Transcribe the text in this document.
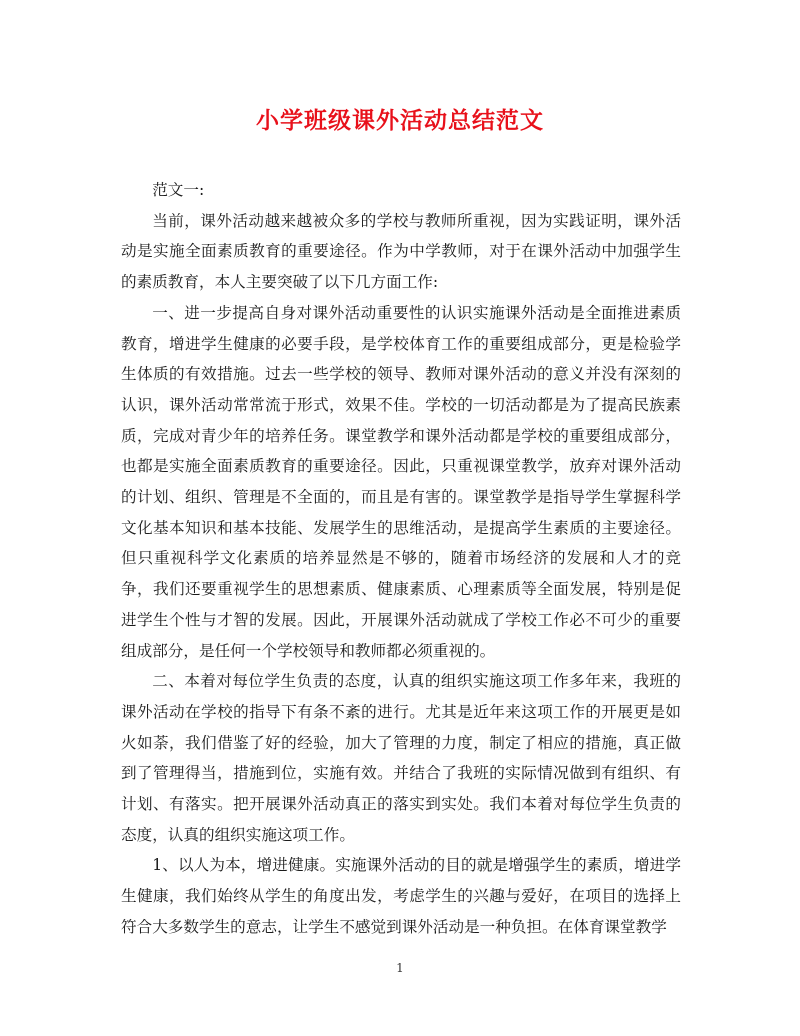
小学班级课外活动总结范文

范文一:

当前，课外活动越来越被众多的学校与教师所重视，因为实践证明，课外活动是实施全面素质教育的重要途径。作为中学教师，对于在课外活动中加强学生的素质教育，本人主要突破了以下几方面工作:

一、进一步提高自身对课外活动重要性的认识实施课外活动是全面推进素质教育，增进学生健康的必要手段，是学校体育工作的重要组成部分，更是检验学生体质的有效措施。过去一些学校的领导、教师对课外活动的意义并没有深刻的认识，课外活动常常流于形式，效果不佳。学校的一切活动都是为了提高民族素质，完成对青少年的培养任务。课堂教学和课外活动都是学校的重要组成部分，也都是实施全面素质教育的重要途径。因此，只重视课堂教学，放弃对课外活动的计划、组织、管理是不全面的，而且是有害的。课堂教学是指导学生掌握科学文化基本知识和基本技能、发展学生的思维活动，是提高学生素质的主要途径。但只重视科学文化素质的培养显然是不够的，随着市场经济的发展和人才的竞争，我们还要重视学生的思想素质、健康素质、心理素质等全面发展，特别是促进学生个性与才智的发展。因此，开展课外活动就成了学校工作必不可少的重要组成部分，是任何一个学校领导和教师都必须重视的。

二、本着对每位学生负责的态度，认真的组织实施这项工作多年来，我班的课外活动在学校的指导下有条不紊的进行。尤其是近年来这项工作的开展更是如火如荼，我们借鉴了好的经验，加大了管理的力度，制定了相应的措施，真正做到了管理得当，措施到位，实施有效。并结合了我班的实际情况做到有组织、有计划、有落实。把开展课外活动真正的落实到实处。我们本着对每位学生负责的态度，认真的组织实施这项工作。

1、以人为本，增进健康。实施课外活动的目的就是增强学生的素质，增进学生健康，我们始终从学生的角度出发，考虑学生的兴趣与爱好，在项目的选择上符合大多数学生的意志，让学生不感觉到课外活动是一种负担。在体育课堂教学

1
